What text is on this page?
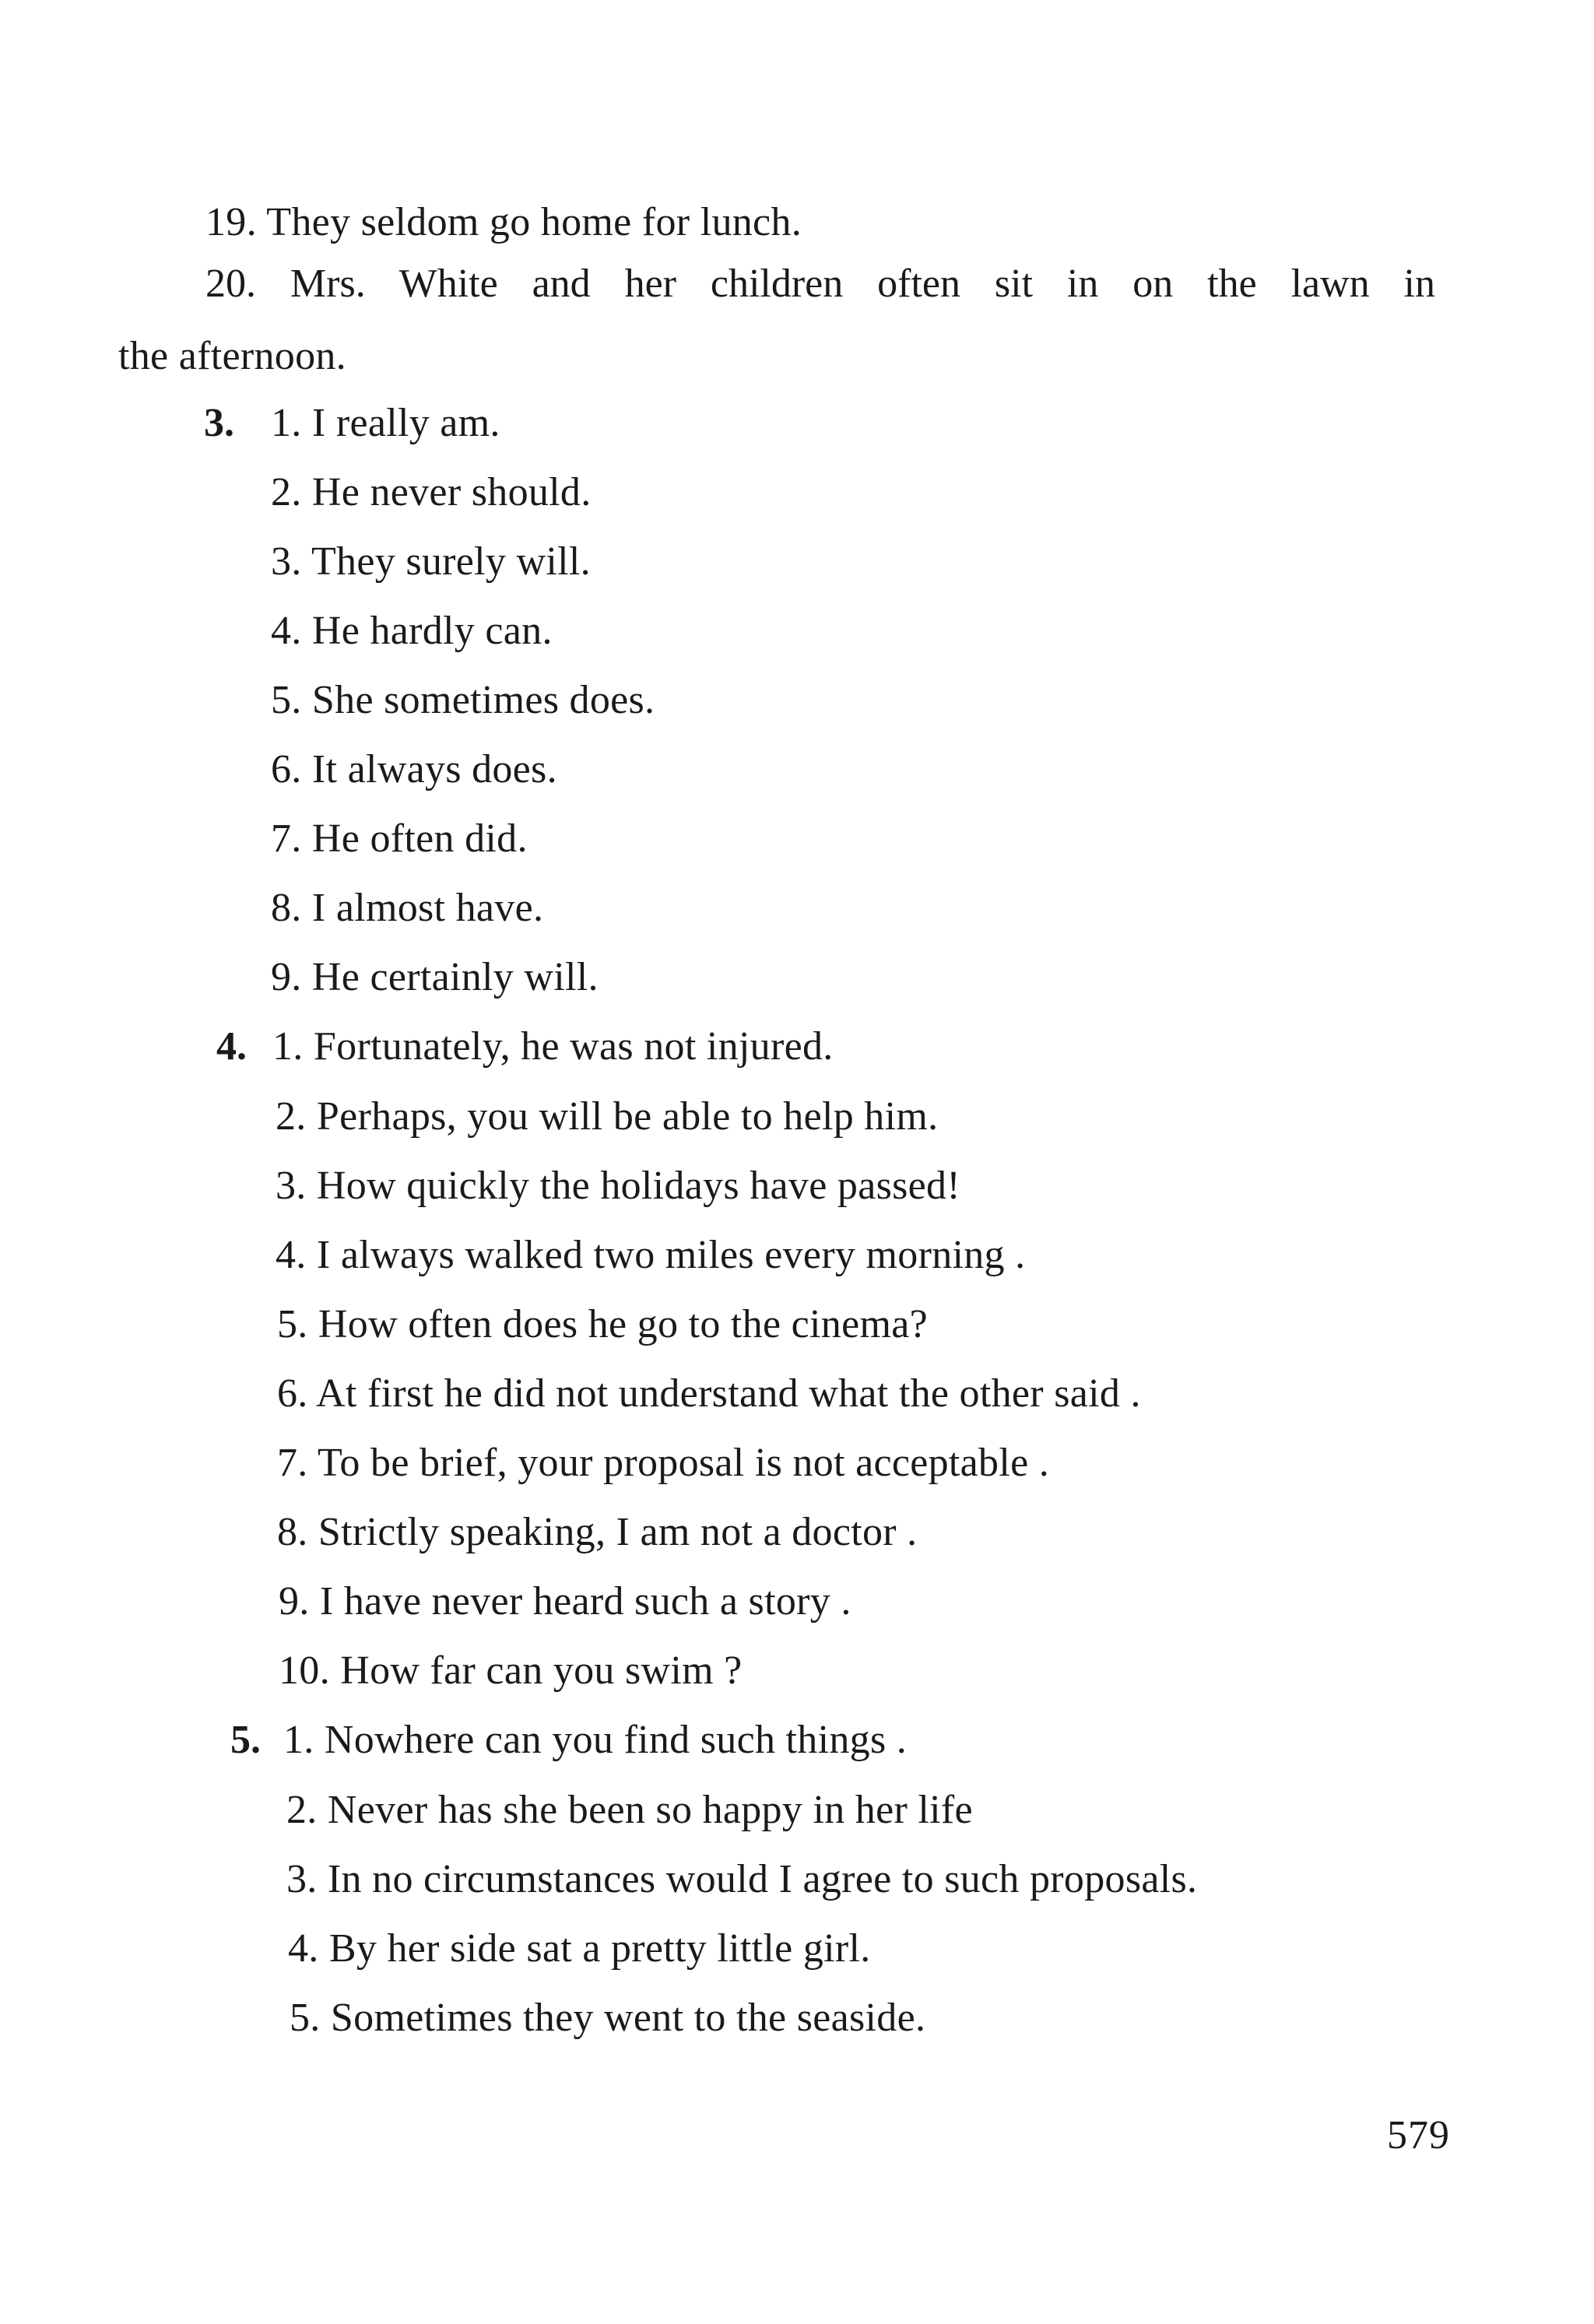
19. They seldom go home for lunch.
20. Mrs. White and her children often sit in on the lawn in
the afternoon.
3. 1. I really am.
2. He never should.
3. They surely will.
4. He hardly can.
5. She sometimes does.
6. It always does.
7. He often did.
8. I almost have.
9. He certainly will.
4. 1. Fortunately, he was not injured.
2. Perhaps, you will be able to help him.
3. How quickly the holidays have passed!
4. I always walked two miles every morning .
5. How often does he go to the cinema?
6. At first he did not understand what the other said .
7. To be brief, your proposal is not acceptable .
8. Strictly speaking, I am not a doctor .
9. I have never heard such a story .
10. How far can you swim ?
5. 1. Nowhere can you find such things .
2. Never has she been so happy in her life
3. In no circumstances would I agree to such proposals.
4. By her side sat a pretty little girl.
5. Sometimes they went to the seaside.
579
